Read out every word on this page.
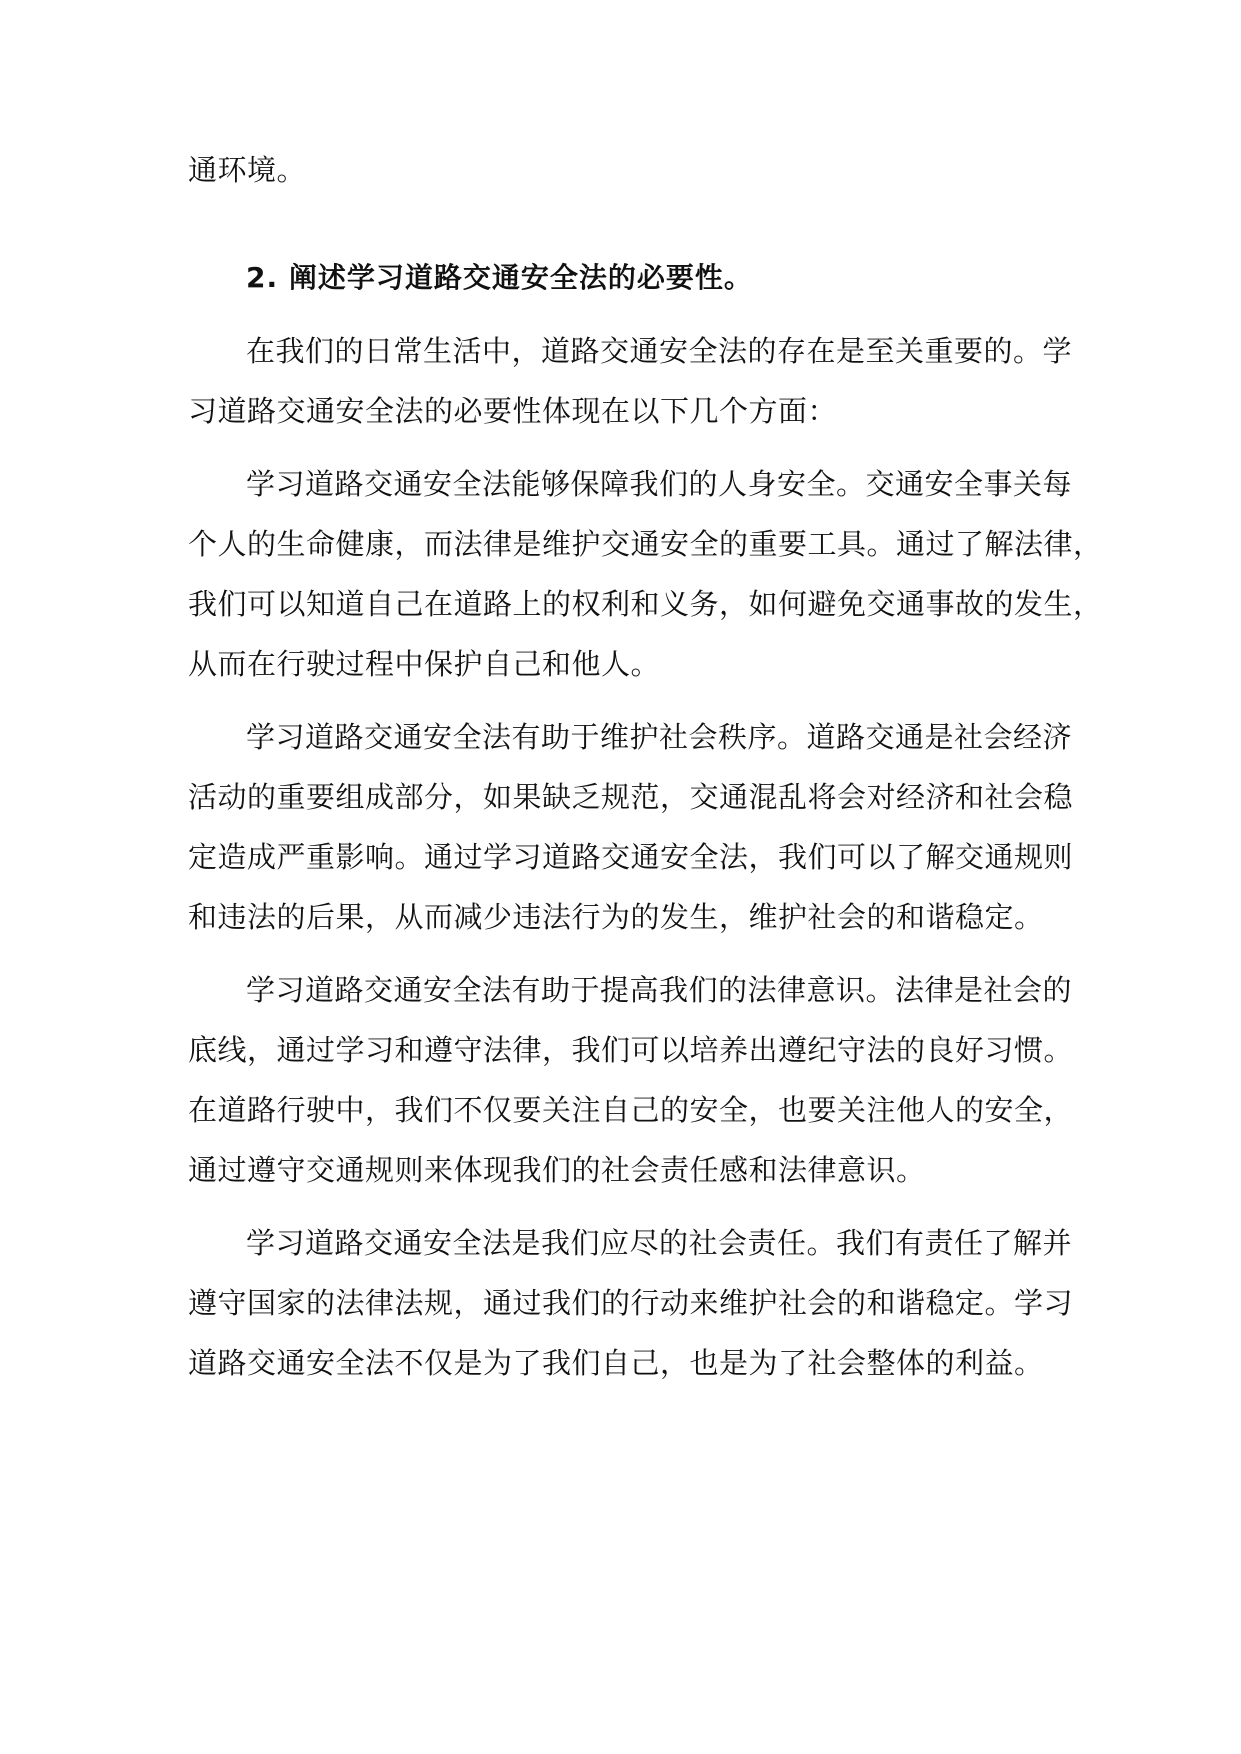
通环境。

2. 阐述学习道路交通安全法的必要性。

在我们的日常生活中，道路交通安全法的存在是至关重要的。学

习道路交通安全法的必要性体现在以下几个方面：

学习道路交通安全法能够保障我们的人身安全。交通安全事关每

个人的生命健康，而法律是维护交通安全的重要工具。通过了解法律，

我们可以知道自己在道路上的权利和义务，如何避免交通事故的发生，

从而在行驶过程中保护自己和他人。

学习道路交通安全法有助于维护社会秩序。道路交通是社会经济

活动的重要组成部分，如果缺乏规范，交通混乱将会对经济和社会稳

定造成严重影响。通过学习道路交通安全法，我们可以了解交通规则

和违法的后果，从而减少违法行为的发生，维护社会的和谐稳定。

学习道路交通安全法有助于提高我们的法律意识。法律是社会的

底线，通过学习和遵守法律，我们可以培养出遵纪守法的良好习惯。

在道路行驶中，我们不仅要关注自己的安全，也要关注他人的安全，

通过遵守交通规则来体现我们的社会责任感和法律意识。

学习道路交通安全法是我们应尽的社会责任。我们有责任了解并

遵守国家的法律法规，通过我们的行动来维护社会的和谐稳定。学习

道路交通安全法不仅是为了我们自己，也是为了社会整体的利益。
